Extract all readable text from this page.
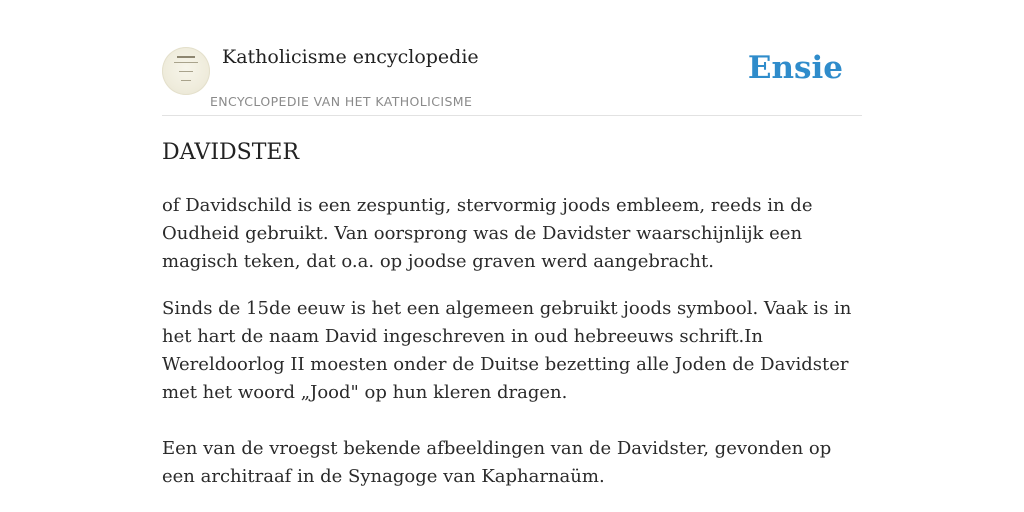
Katholicisme encyclopedie
ENCYCLOPEDIE VAN HET KATHOLICISME
Ensie
DAVIDSTER

of Davidschild is een zespuntig, stervormig joods embleem, reeds in de Oudheid gebruikt. Van oorsprong was de Davidster waarschijnlijk een magisch teken, dat o.a. op joodse graven werd aangebracht.

Sinds de 15de eeuw is het een algemeen gebruikt joods symbool. Vaak is in het hart de naam David ingeschreven in oud hebreeuws schrift.In Wereldoorlog II moesten onder de Duitse bezetting alle Joden de Davidster met het woord „Jood" op hun kleren dragen.

Een van de vroegst bekende afbeeldingen van de Davidster, gevonden op een architraaf in de Synagoge van Kapharnaüm.
